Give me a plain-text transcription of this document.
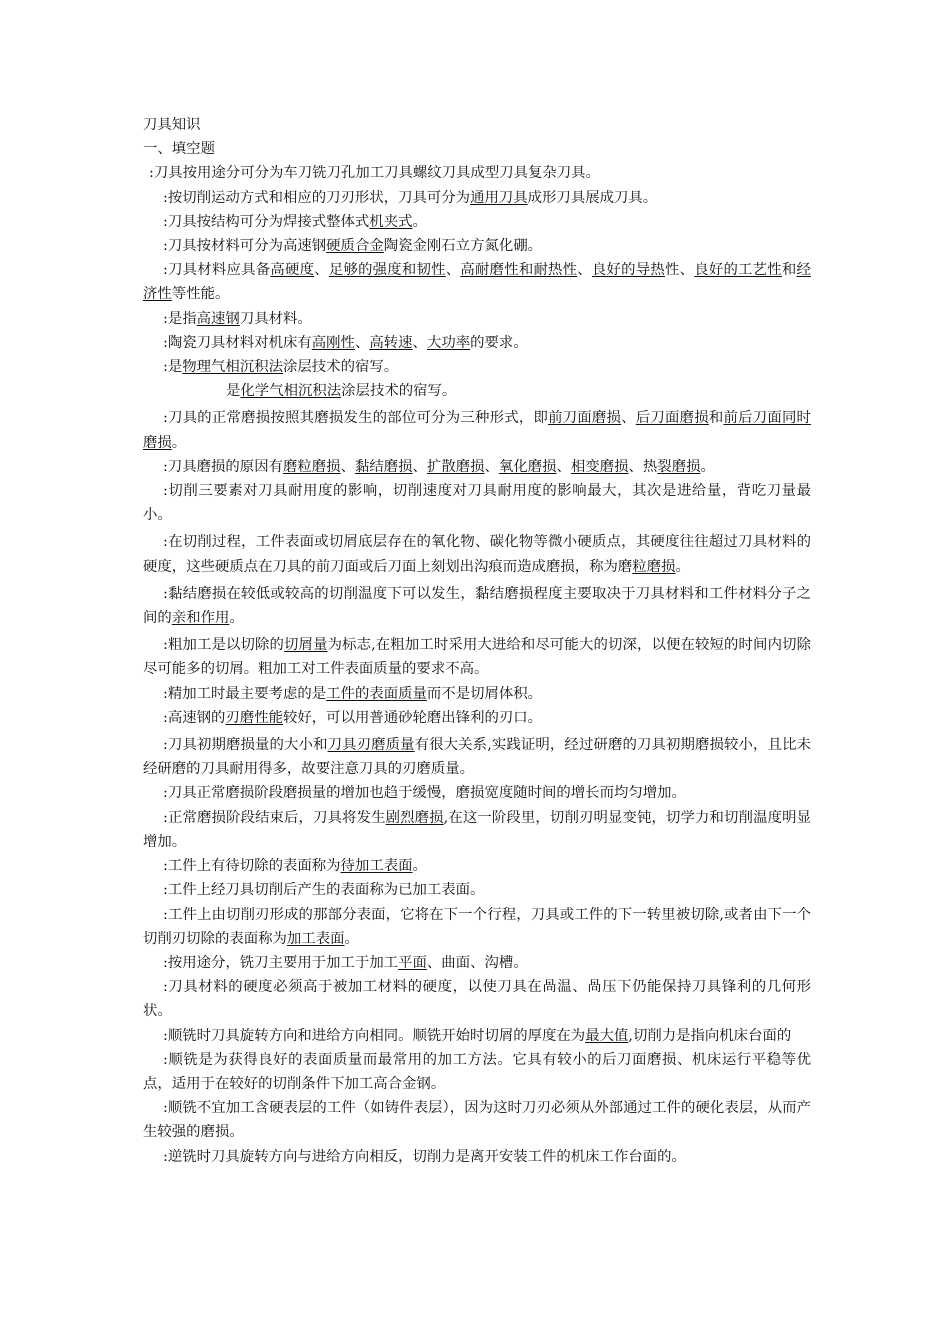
刀具知识

一、填空题

:刀具按用途分可分为车刀铣刀孔加工刀具螺纹刀具成型刀具复杂刀具。

:按切削运动方式和相应的刀刃形状，刀具可分为通用刀具成形刀具展成刀具。

:刀具按结构可分为焊接式整体式机夹式。

:刀具按材料可分为高速钢硬质合金陶瓷金刚石立方氮化硼。

:刀具材料应具备高硬度、足够的强度和韧性、高耐磨性和耐热性、良好的导热性、良好的工艺性和经济性等性能。

:是指高速钢刀具材料。

:陶瓷刀具材料对机床有高刚性、高转速、大功率的要求。

:是物理气相沉积法涂层技术的宿写。

是化学气相沉积法涂层技术的宿写。

:刀具的正常磨损按照其磨损发生的部位可分为三种形式，即前刀面磨损、后刀面磨损和前后刀面同时磨损。

:刀具磨损的原因有磨粒磨损、黏结磨损、扩散磨损、氧化磨损、相变磨损、热裂磨损。

:切削三要素对刀具耐用度的影响，切削速度对刀具耐用度的影响最大，其次是进给量，背吃刀量最小。

:在切削过程，工件表面或切屑底层存在的氧化物、碳化物等微小硬质点，其硬度往往超过刀具材料的硬度，这些硬质点在刀具的前刀面或后刀面上刻划出沟痕而造成磨损，称为磨粒磨损。

:黏结磨损在较低或较高的切削温度下可以发生，黏结磨损程度主要取决于刀具材料和工件材料分子之间的亲和作用。

:粗加工是以切除的切屑量为标志,在粗加工时采用大进给和尽可能大的切深，以便在较短的时间内切除尽可能多的切屑。粗加工对工件表面质量的要求不高。

:精加工时最主要考虑的是工件的表面质量而不是切屑体积。

:高速钢的刃磨性能较好，可以用普通砂轮磨出锋利的刃口。

:刀具初期磨损量的大小和刀具刃磨质量有很大关系,实践证明，经过研磨的刀具初期磨损较小，且比未经研磨的刀具耐用得多，故要注意刀具的刃磨质量。

:刀具正常磨损阶段磨损量的增加也趋于缓慢，磨损宽度随时间的增长而均匀增加。

:正常磨损阶段结束后，刀具将发生剧烈磨损,在这一阶段里，切削刃明显变钝，切学力和切削温度明显增加。

:工件上有待切除的表面称为待加工表面。

:工件上经刀具切削后产生的表面称为已加工表面。

:工件上由切削刃形成的那部分表面，它将在下一个行程，刀具或工件的下一转里被切除,或者由下一个切削刃切除的表面称为加工表面。

:按用途分，铣刀主要用于加工于加工平面、曲面、沟槽。

:刀具材料的硬度必须高于被加工材料的硬度，以使刀具在咼温、咼压下仍能保持刀具锋利的几何形状。

:顺铣时刀具旋转方向和进给方向相同。顺铣开始时切屑的厚度在为最大值,切削力是指向机床台面的

:顺铣是为获得良好的表面质量而最常用的加工方法。它具有较小的后刀面磨损、机床运行平稳等优点，适用于在较好的切削条件下加工高合金钢。

:顺铣不宜加工含硬表层的工件（如铸件表层），因为这时刀刃必须从外部通过工件的硬化表层，从而产生较强的磨损。

:逆铣时刀具旋转方向与进给方向相反，切削力是离开安装工件的机床工作台面的。
